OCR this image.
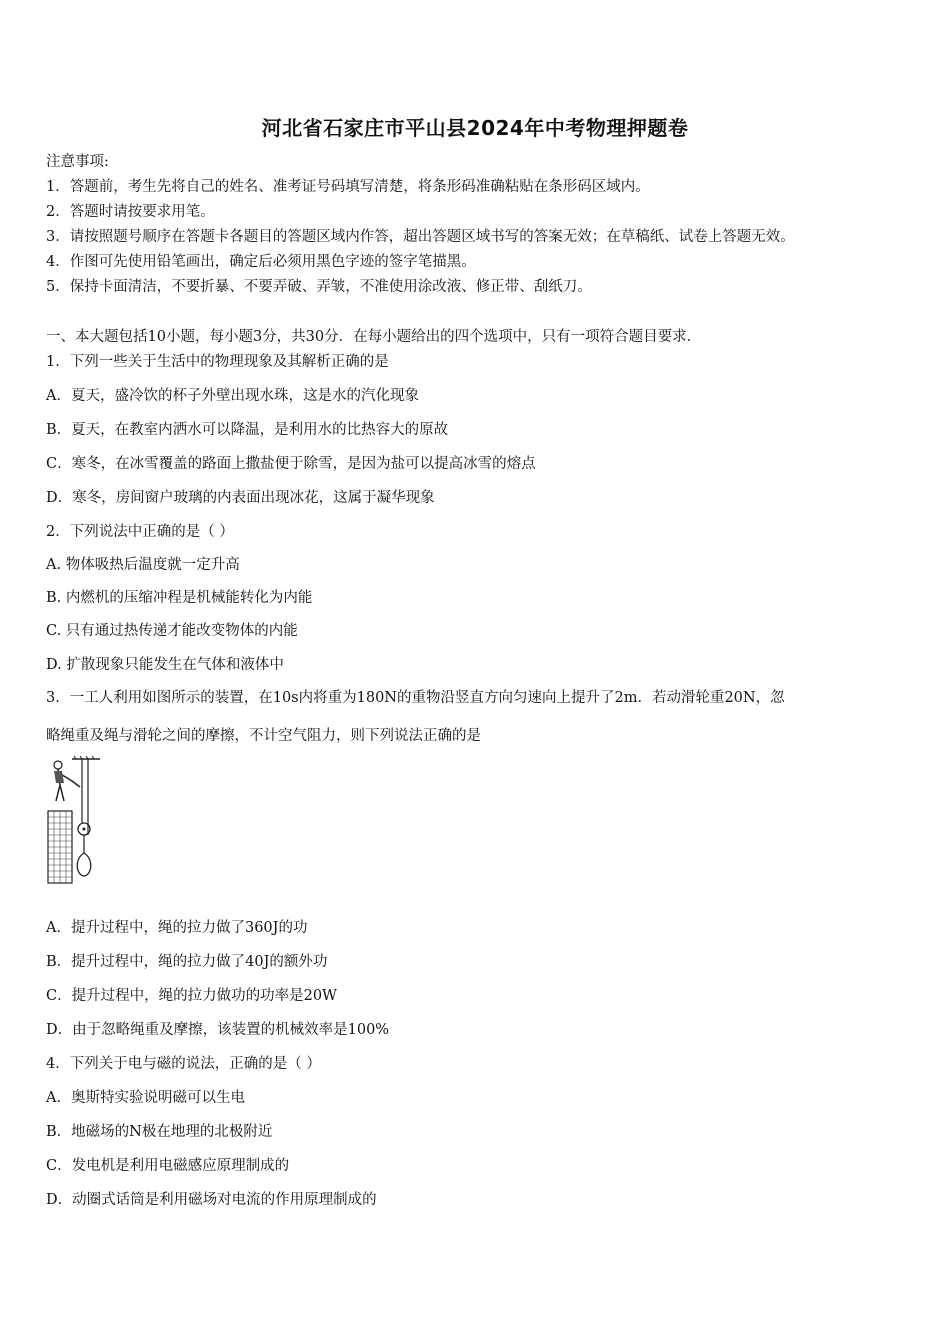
河北省石家庄市平山县2024年中考物理押题卷
注意事项:
1．答题前，考生先将自己的姓名、准考证号码填写清楚，将条形码准确粘贴在条形码区域内。
2．答题时请按要求用笔。
3．请按照题号顺序在答题卡各题目的答题区域内作答，超出答题区域书写的答案无效；在草稿纸、试卷上答题无效。
4．作图可先使用铅笔画出，确定后必须用黑色字迹的签字笔描黑。
5．保持卡面清洁，不要折暴、不要弄破、弄皱，不准使用涂改液、修正带、刮纸刀。
一、本大题包括10小题，每小题3分，共30分．在每小题给出的四个选项中，只有一项符合题目要求．
1．下列一些关于生活中的物理现象及其解析正确的是
A．夏天，盛冷饮的杯子外壁出现水珠，这是水的汽化现象
B．夏天，在教室内洒水可以降温，是利用水的比热容大的原故
C．寒冬，在冰雪覆盖的路面上撒盐便于除雪，是因为盐可以提高冰雪的熔点
D．寒冬，房间窗户玻璃的内表面出现冰花，这属于凝华现象
2．下列说法中正确的是（ ）
A. 物体吸热后温度就一定升高
B. 内燃机的压缩冲程是机械能转化为内能
C. 只有通过热传递才能改变物体的内能
D. 扩散现象只能发生在气体和液体中
3．一工人利用如图所示的装置，在10s内将重为180N的重物沿竖直方向匀速向上提升了2m．若动滑轮重20N，忽
略绳重及绳与滑轮之间的摩擦，不计空气阻力，则下列说法正确的是
A．提升过程中，绳的拉力做了360J的功
B．提升过程中，绳的拉力做了40J的额外功
C．提升过程中，绳的拉力做功的功率是20W
D．由于忽略绳重及摩擦，该装置的机械效率是100%
4．下列关于电与磁的说法，正确的是（ ）
A．奥斯特实验说明磁可以生电
B．地磁场的N极在地理的北极附近
C．发电机是利用电磁感应原理制成的
D．动圈式话筒是利用磁场对电流的作用原理制成的
